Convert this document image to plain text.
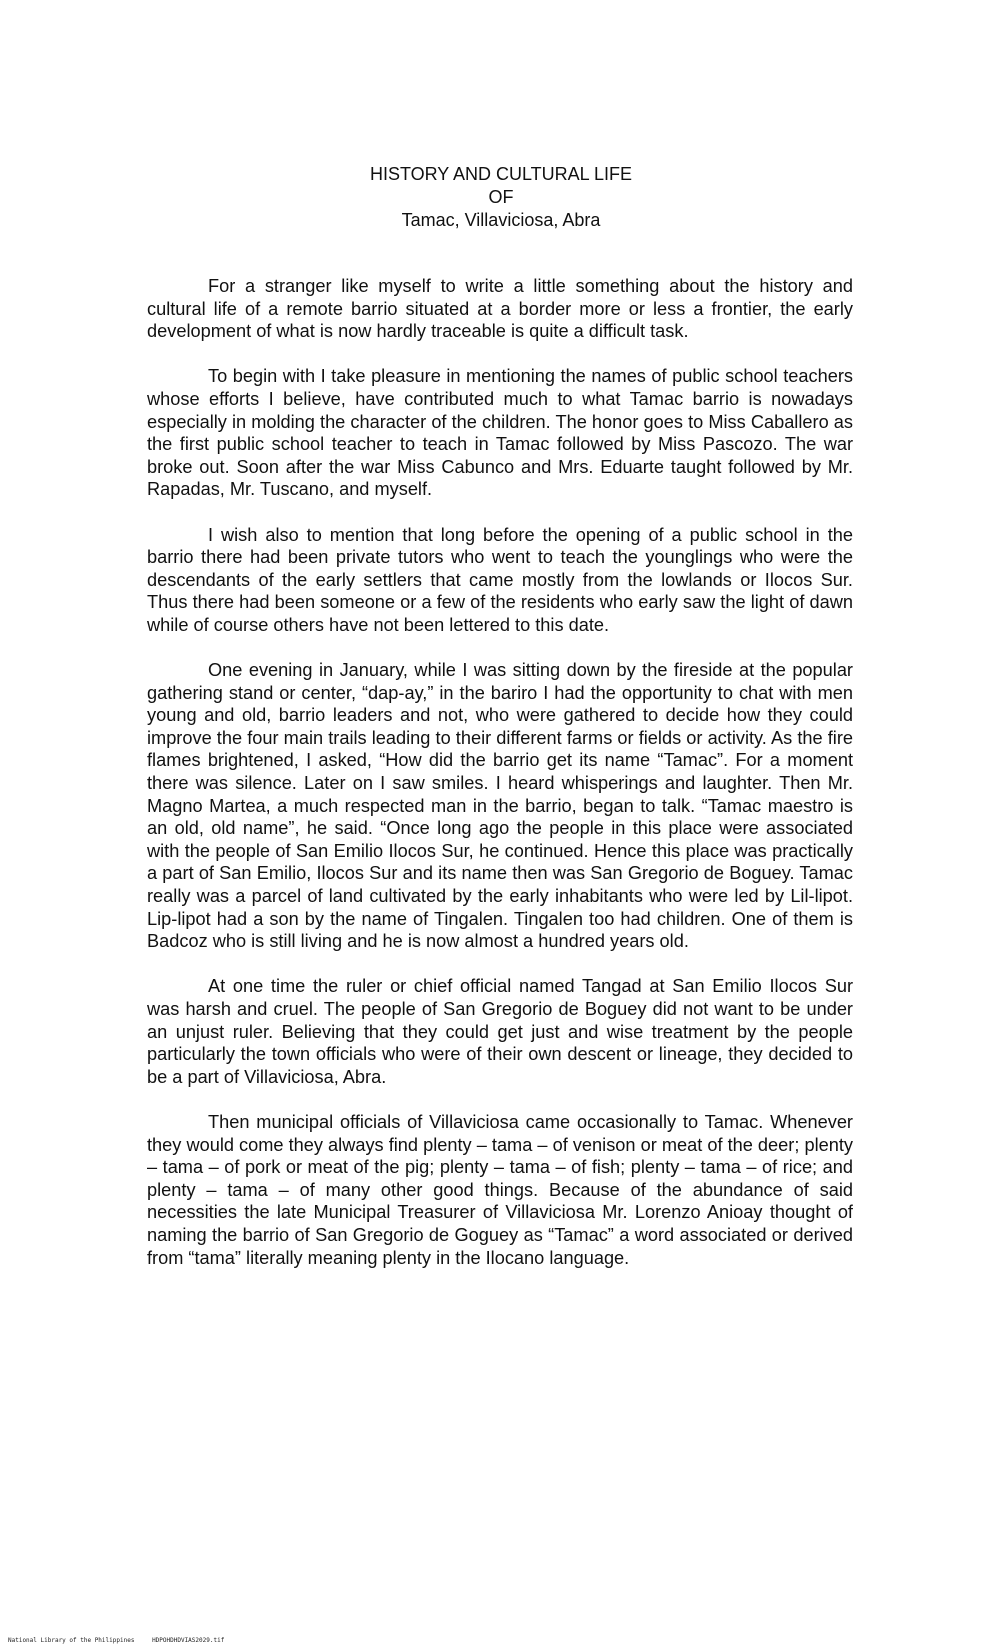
HISTORY AND CULTURAL LIFE
OF
Tamac, Villaviciosa, Abra

For a stranger like myself to write a little something about the history and cultural life of a remote barrio situated at a border more or less a frontier, the early development of what is now hardly traceable is quite a difficult task.

To begin with I take pleasure in mentioning the names of public school teachers whose efforts I believe, have contributed much to what Tamac barrio is nowadays especially in molding the character of the children. The honor goes to Miss Caballero as the first public school teacher to teach in Tamac followed by Miss Pascozo. The war broke out. Soon after the war Miss Cabunco and Mrs. Eduarte taught followed by Mr. Rapadas, Mr. Tuscano, and myself.

I wish also to mention that long before the opening of a public school in the barrio there had been private tutors who went to teach the younglings who were the descendants of the early settlers that came mostly from the lowlands or Ilocos Sur. Thus there had been someone or a few of the residents who early saw the light of dawn while of course others have not been lettered to this date.

One evening in January, while I was sitting down by the fireside at the popular gathering stand or center, “dap-ay,” in the bariro I had the opportunity to chat with men young and old, barrio leaders and not, who were gathered to decide how they could improve the four main trails leading to their different farms or fields or activity. As the fire flames brightened, I asked, “How did the barrio get its name “Tamac”. For a moment there was silence. Later on I saw smiles. I heard whisperings and laughter. Then Mr. Magno Martea, a much respected man in the barrio, began to talk. “Tamac maestro is an old, old name”, he said. “Once long ago the people in this place were associated with the people of San Emilio Ilocos Sur, he continued. Hence this place was practically a part of San Emilio, Ilocos Sur and its name then was San Gregorio de Boguey. Tamac really was a parcel of land cultivated by the early inhabitants who were led by Lil-lipot. Lip-lipot had a son by the name of Tingalen. Tingalen too had children. One of them is Badcoz who is still living and he is now almost a hundred years old.

At one time the ruler or chief official named Tangad at San Emilio Ilocos Sur was harsh and cruel. The people of San Gregorio de Boguey did not want to be under an unjust ruler. Believing that they could get just and wise treatment by the people particularly the town officials who were of their own descent or lineage, they decided to be a part of Villaviciosa, Abra.

Then municipal officials of Villaviciosa came occasionally to Tamac. Whenever they would come they always find plenty – tama – of venison or meat of the deer; plenty – tama – of pork or meat of the pig; plenty – tama – of fish; plenty – tama – of rice; and plenty – tama – of many other good things. Because of the abundance of said necessities the late Municipal Treasurer of Villaviciosa Mr. Lorenzo Anioay thought of naming the barrio of San Gregorio de Goguey as “Tamac” a word associated or derived from “tama” literally meaning plenty in the Ilocano language.

National Library of the Philippines	HDPOHDHDVIAS2029.tif
